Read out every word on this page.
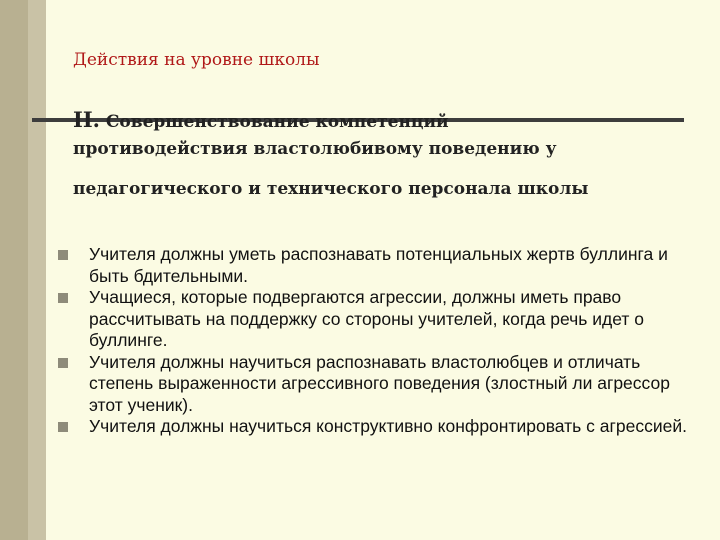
Действия на уровне школы
II. Совершенствование компетенций
противодействия властолюбивому поведению у
педагогического и технического персонала школы
Учителя должны уметь распознавать потенциальных жертв буллинга и быть бдительными.
Учащиеся, которые подвергаются агрессии, должны иметь право рассчитывать на поддержку со стороны учителей, когда речь идет о буллинге.
Учителя должны научиться распознавать властолюбцев и отличать степень выраженности агрессивного поведения (злостный ли агрессор этот ученик).
Учителя должны научиться конструктивно конфронтировать с агрессией.
